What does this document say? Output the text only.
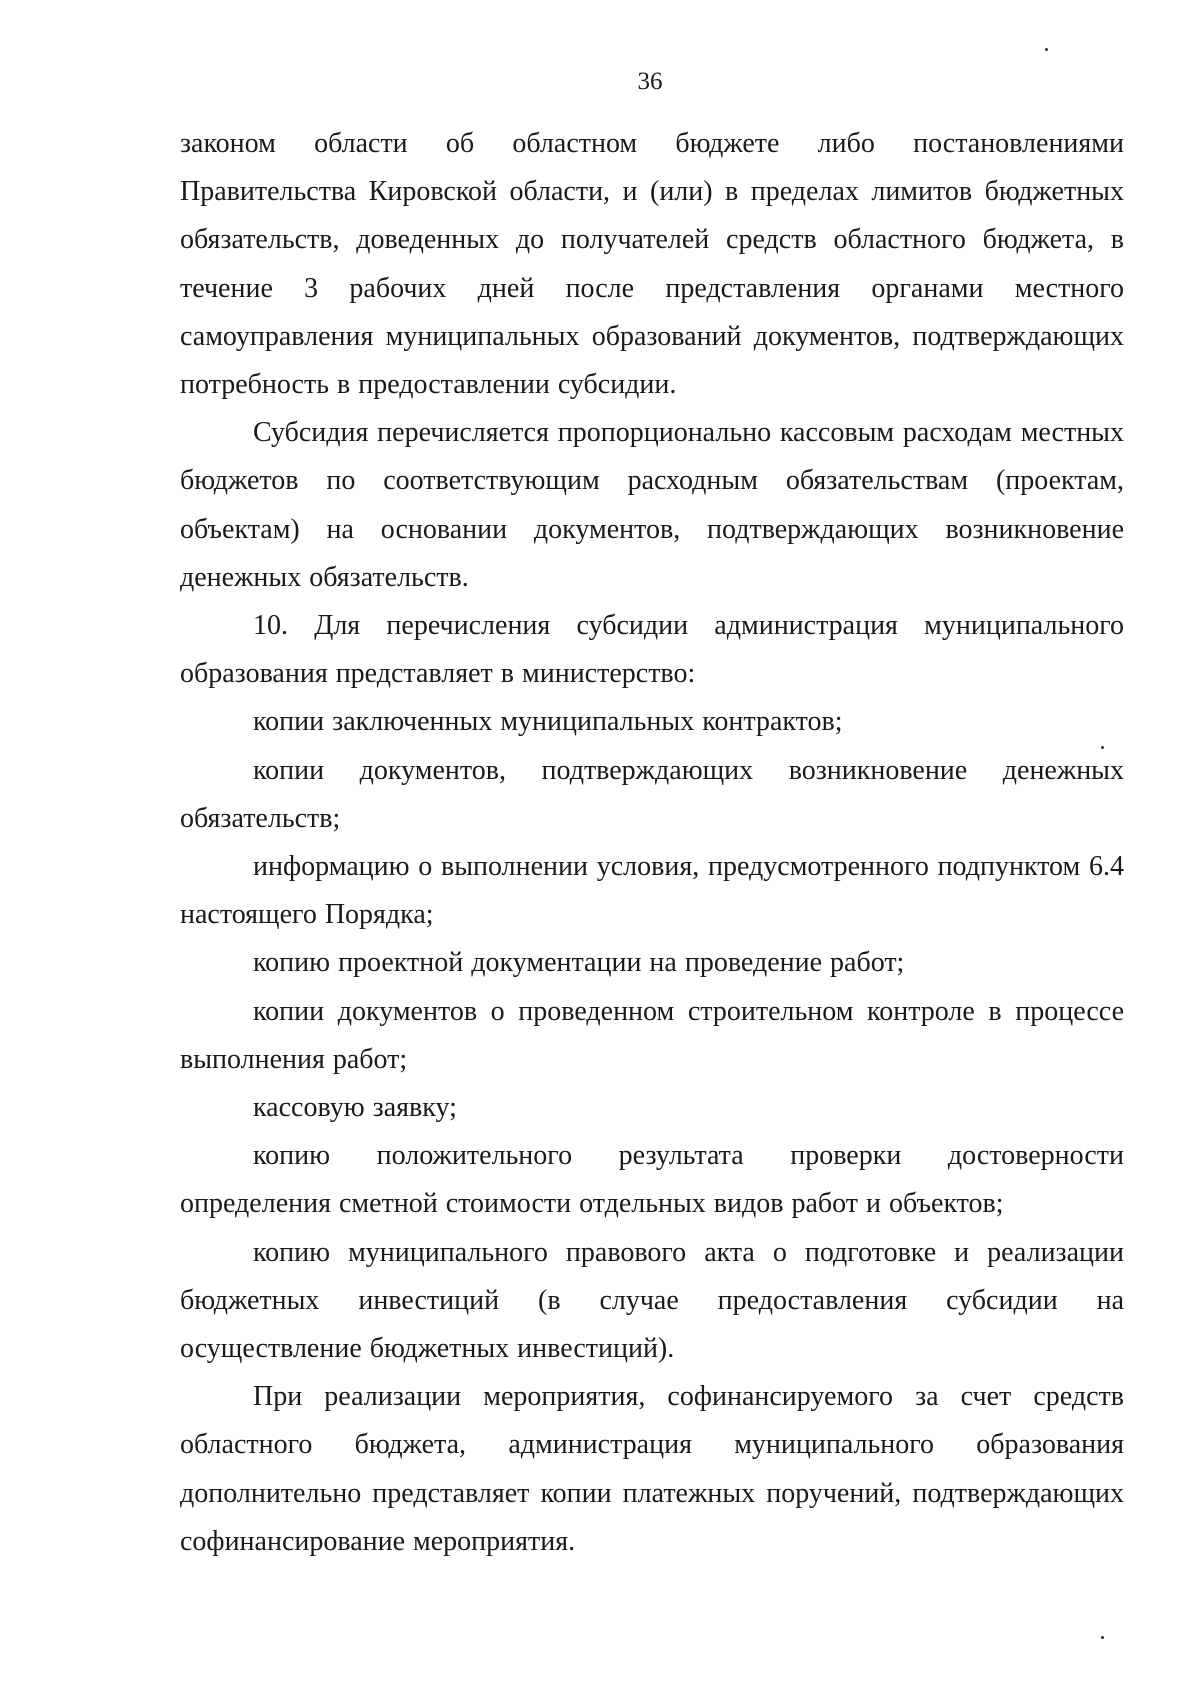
36

законом области об областном бюджете либо постановлениями Правительства Кировской области, и (или) в пределах лимитов бюджетных обязательств, доведенных до получателей средств областного бюджета, в течение 3 рабочих дней после представления органами местного самоуправления муниципальных образований документов, подтверждающих потребность в предоставлении субсидии.

Субсидия перечисляется пропорционально кассовым расходам местных бюджетов по соответствующим расходным обязательствам (проектам, объектам) на основании документов, подтверждающих возникновение денежных обязательств.

10. Для перечисления субсидии администрация муниципального образования представляет в министерство:

копии заключенных муниципальных контрактов;

копии документов, подтверждающих возникновение денежных обязательств;

информацию о выполнении условия, предусмотренного подпунктом 6.4 настоящего Порядка;

копию проектной документации на проведение работ;

копии документов о проведенном строительном контроле в процессе выполнения работ;

кассовую заявку;

копию положительного результата проверки достоверности определения сметной стоимости отдельных видов работ и объектов;

копию муниципального правового акта о подготовке и реализации бюджетных инвестиций (в случае предоставления субсидии на осуществление бюджетных инвестиций).

При реализации мероприятия, софинансируемого за счет средств областного бюджета, администрация муниципального образования дополнительно представляет копии платежных поручений, подтверждающих софинансирование мероприятия.
